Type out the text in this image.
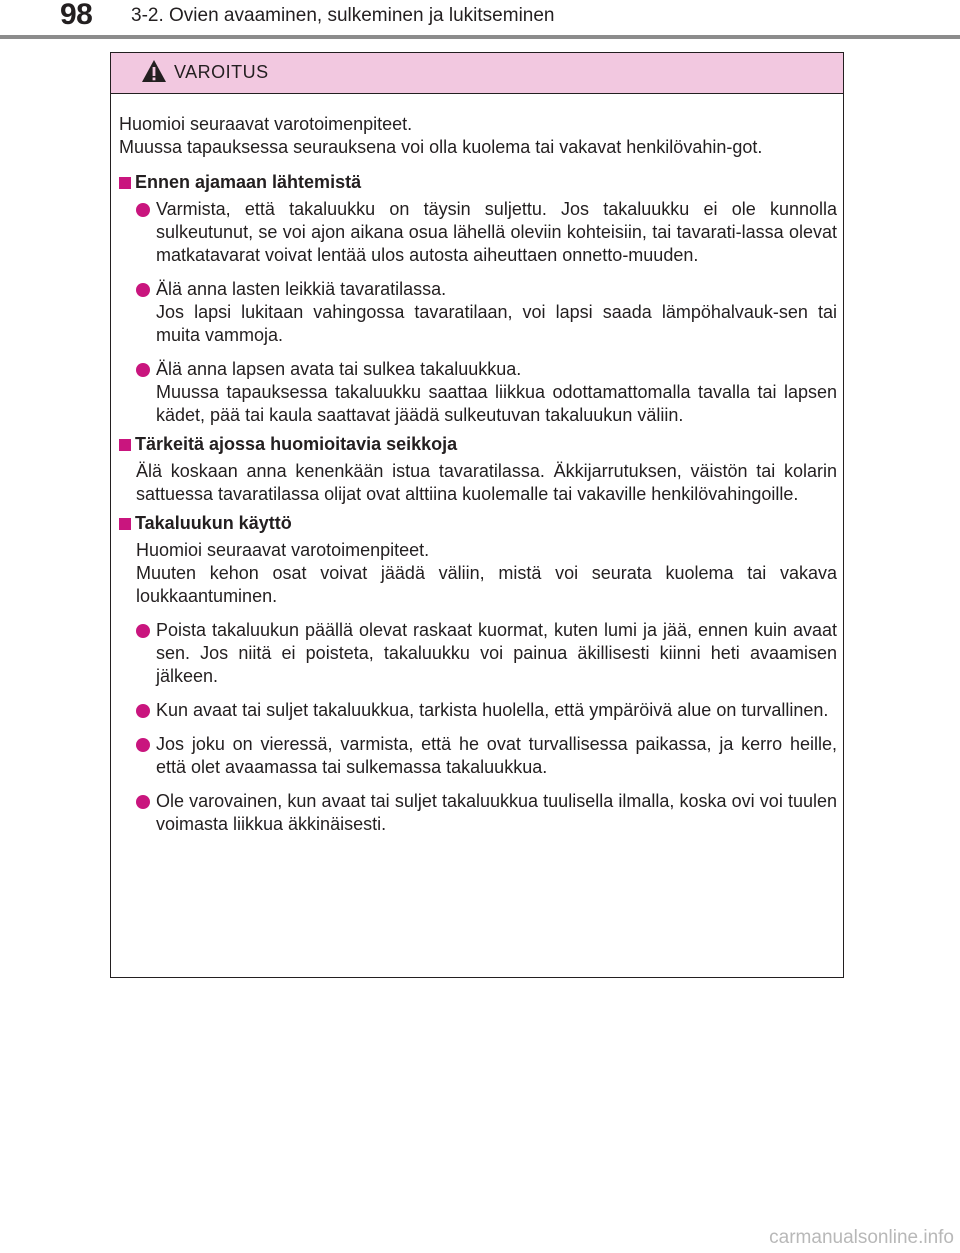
98 3-2. Ovien avaaminen, sulkeminen ja lukitseminen
VAROITUS

Huomioi seuraavat varotoimenpiteet.
Muussa tapauksessa seurauksena voi olla kuolema tai vakavat henkilövahin-got.

Ennen ajamaan lähtemistä

Varmista, että takaluukku on täysin suljettu. Jos takaluukku ei ole kunnolla sulkeutunut, se voi ajon aikana osua lähellä oleviin kohteisiin, tai tavarati-lassa olevat matkatavarat voivat lentää ulos autosta aiheuttaen onnetto-muuden.

Älä anna lasten leikkiä tavaratilassa.
Jos lapsi lukitaan vahingossa tavaratilaan, voi lapsi saada lämpöhalvauk-sen tai muita vammoja.

Älä anna lapsen avata tai sulkea takaluukkua.
Muussa tapauksessa takaluukku saattaa liikkua odottamattomalla tavalla tai lapsen kädet, pää tai kaula saattavat jäädä sulkeutuvan takaluukun väliin.

Tärkeitä ajossa huomioitavia seikkoja

Älä koskaan anna kenenkään istua tavaratilassa. Äkkijarrutuksen, väistön tai kolarin sattuessa tavaratilassa olijat ovat alttiina kuolemalle tai vakaville henkilövahingoille.

Takaluukun käyttö

Huomioi seuraavat varotoimenpiteet.
Muuten kehon osat voivat jäädä väliin, mistä voi seurata kuolema tai vakava loukkaantuminen.

Poista takaluukun päällä olevat raskaat kuormat, kuten lumi ja jää, ennen kuin avaat sen. Jos niitä ei poisteta, takaluukku voi painua äkillisesti kiinni heti avaamisen jälkeen.

Kun avaat tai suljet takaluukkua, tarkista huolella, että ympäröivä alue on turvallinen.

Jos joku on vieressä, varmista, että he ovat turvallisessa paikassa, ja kerro heille, että olet avaamassa tai sulkemassa takaluukkua.

Ole varovainen, kun avaat tai suljet takaluukkua tuulisella ilmalla, koska ovi voi tuulen voimasta liikkua äkkinäisesti.

carmanualsonline.info
